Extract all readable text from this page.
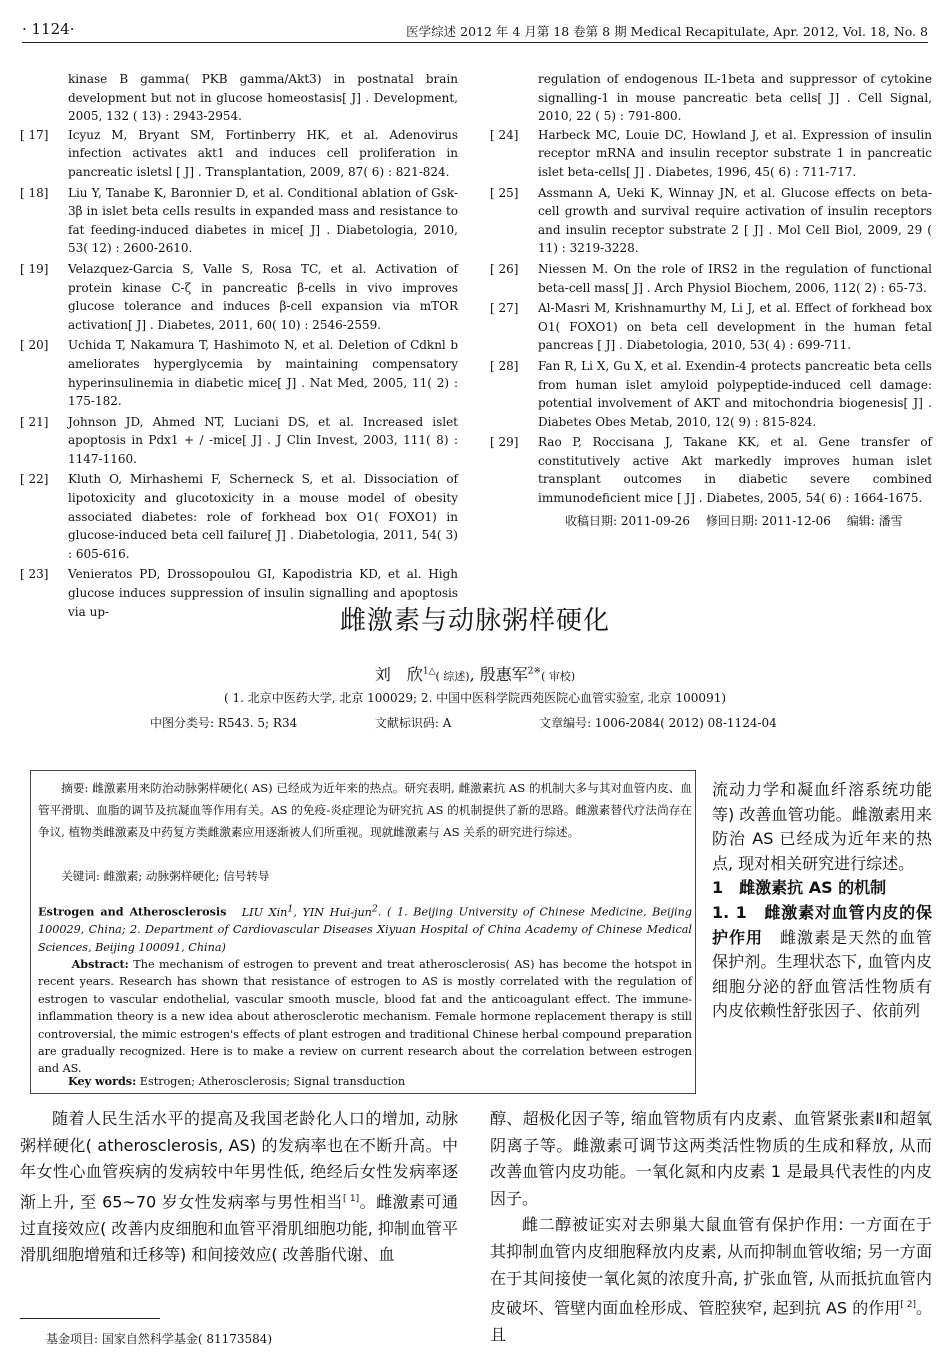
· 1124·	医学综述 2012 年 4 月第 18 卷第 8 期 Medical Recapitulate, Apr. 2012, Vol. 18, No. 8
kinase B gamma( PKB gamma/Akt3) in postnatal brain development but not in glucose homeostasis[ J] . Development, 2005, 132 ( 13) : 2943-2954.
[ 17]	Icyuz M, Bryant SM, Fortinberry HK, et al. Adenovirus infection activates akt1 and induces cell proliferation in pancreatic isletsl [ J] . Transplantation, 2009, 87( 6) : 821-824.
[ 18]	Liu Y, Tanabe K, Baronnier D, et al. Conditional ablation of Gsk-3β in islet beta cells results in expanded mass and resistance to fat feeding-induced diabetes in mice[ J] . Diabetologia, 2010, 53( 12) : 2600-2610.
[ 19]	Velazquez-Garcia S, Valle S, Rosa TC, et al. Activation of protein kinase C-ζ in pancreatic β-cells in vivo improves glucose tolerance and induces β-cell expansion via mTOR activation[ J] . Diabetes, 2011, 60( 10) : 2546-2559.
[ 20]	Uchida T, Nakamura T, Hashimoto N, et al. Deletion of Cdknl b ameliorates hyperglycemia by maintaining compensatory hyperinsulinemia in diabetic mice[ J] . Nat Med, 2005, 11( 2) : 175-182.
[ 21]	Johnson JD, Ahmed NT, Luciani DS, et al. Increased islet apoptosis in Pdx1 + / -mice[ J] . J Clin Invest, 2003, 111( 8) : 1147-1160.
[ 22]	Kluth O, Mirhashemi F, Scherneck S, et al. Dissociation of lipotoxicity and glucotoxicity in a mouse model of obesity associated diabetes: role of forkhead box O1( FOXO1) in glucose-induced beta cell failure[ J] . Diabetologia, 2011, 54( 3) : 605-616.
[ 23]	Venieratos PD, Drossopoulou GI, Kapodistria KD, et al. High glucose induces suppression of insulin signalling and apoptosis via up-
regulation of endogenous IL-1beta and suppressor of cytokine signalling-1 in mouse pancreatic beta cells[ J] . Cell Signal, 2010, 22 ( 5) : 791-800.
[ 24]	Harbeck MC, Louie DC, Howland J, et al. Expression of insulin receptor mRNA and insulin receptor substrate 1 in pancreatic islet beta-cells[ J] . Diabetes, 1996, 45( 6) : 711-717.
[ 25]	Assmann A, Ueki K, Winnay JN, et al. Glucose effects on beta-cell growth and survival require activation of insulin receptors and insulin receptor substrate 2 [ J] . Mol Cell Biol, 2009, 29 ( 11) : 3219-3228.
[ 26]	Niessen M. On the role of IRS2 in the regulation of functional beta-cell mass[ J] . Arch Physiol Biochem, 2006, 112( 2) : 65-73.
[ 27]	Al-Masri M, Krishnamurthy M, Li J, et al. Effect of forkhead box O1( FOXO1) on beta cell development in the human fetal pancreas [ J] . Diabetologia, 2010, 53( 4) : 699-711.
[ 28]	Fan R, Li X, Gu X, et al. Exendin-4 protects pancreatic beta cells from human islet amyloid polypeptide-induced cell damage: potential involvement of AKT and mitochondria biogenesis[ J] . Diabetes Obes Metab, 2010, 12( 9) : 815-824.
[ 29]	Rao P, Roccisana J, Takane KK, et al. Gene transfer of constitutively active Akt markedly improves human islet transplant outcomes in diabetic severe combined immunodeficient mice [ J] . Diabetes, 2005, 54( 6) : 1664-1675.
收稿日期: 2011-09-26 　修回日期: 2011-12-06 　编辑: 潘雪
雌激素与动脉粥样硬化
刘　欣$^{1\triangle}$( 综述), 殷惠军$^{2※}$( 审校)
( 1. 北京中医药大学, 北京 100029; 2. 中国中医科学院西苑医院心血管实验室, 北京 100091)
中图分类号: R543. 5; R34	文献标识码: A	文章编号: 1006-2084( 2012) 08-1124-04

摘要: 雌激素用来防治动脉粥样硬化( AS) 已经成为近年来的热点。研究表明, 雌激素抗 AS 的机制大多与其对血管内皮、血管平滑肌、血脂的调节及抗凝血等作用有关。AS 的免疫-炎症理论为研究抗 AS 的机制提供了新的思路。雌激素替代疗法尚存在争议, 植物类雌激素及中药复方类雌激素应用逐渐被人们所重视。现就雌激素与 AS 关系的研究进行综述。

关键词: 雌激素; 动脉粥样硬化; 信号转导

Estrogen and Atherosclerosis　 LIU Xin$^1$, YIN Hui-jun$^2$. ( 1. Beijing University of Chinese Medicine, Beijing 100029, China; 2. Department of Cardiovascular Diseases Xiyuan Hospital of China Academy of Chinese Medical Sciences, Beijing 100091, China)

Abstract: The mechanism of estrogen to prevent and treat atherosclerosis( AS) has become the hotspot in recent years. Research has shown that resistance of estrogen to AS is mostly correlated with the regulation of estrogen to vascular endothelial, vascular smooth muscle, blood fat and the anticoagulant effect. The immune-inflammation theory is a new idea about atherosclerotic mechanism. Female hormone replacement therapy is still controversial, the mimic estrogen's effects of plant estrogen and traditional Chinese herbal compound preparation are gradually recognized. Here is to make a review on current research about the correlation between estrogen and AS.

Key words: Estrogen; Atherosclerosis; Signal transduction

流动力学和凝血纤溶系统功能等) 改善血管功能。雌激素用来防治 AS 已经成为近年来的热点, 现对相关研究进行综述。

1　雌激素抗 AS 的机制

1. 1　雌激素对血管内皮的保护作用　雌激素是天然的血管保护剂。生理状态下, 血管内皮细胞分泌的舒血管活性物质有内皮依赖性舒张因子、依前列

随着人民生活水平的提高及我国老龄化人口的增加, 动脉粥样硬化( atherosclerosis, AS) 的发病率也在不断升高。中年女性心血管疾病的发病较中年男性低, 绝经后女性发病率逐渐上升, 至 65~70 岁女性发病率与男性相当[ 1]。雌激素可通过直接效应( 改善内皮细胞和血管平滑肌细胞功能, 抑制血管平滑肌细胞增殖和迁移等) 和间接效应( 改善脂代谢、血

醇、超极化因子等, 缩血管物质有内皮素、血管紧张素Ⅱ和超氧阴离子等。雌激素可调节这两类活性物质的生成和释放, 从而改善血管内皮功能。一氧化氮和内皮素 1 是最具代表性的内皮因子。

雌二醇被证实对去卵巢大鼠血管有保护作用: 一方面在于其抑制血管内皮细胞释放内皮素, 从而抑制血管收缩; 另一方面在于其间接使一氧化氮的浓度升高, 扩张血管, 从而抵抗血管内皮破坏、管壁内面血栓形成、管腔狭窄, 起到抗 AS 的作用[ 2]。且

基金项目: 国家自然科学基金( 81173584)
